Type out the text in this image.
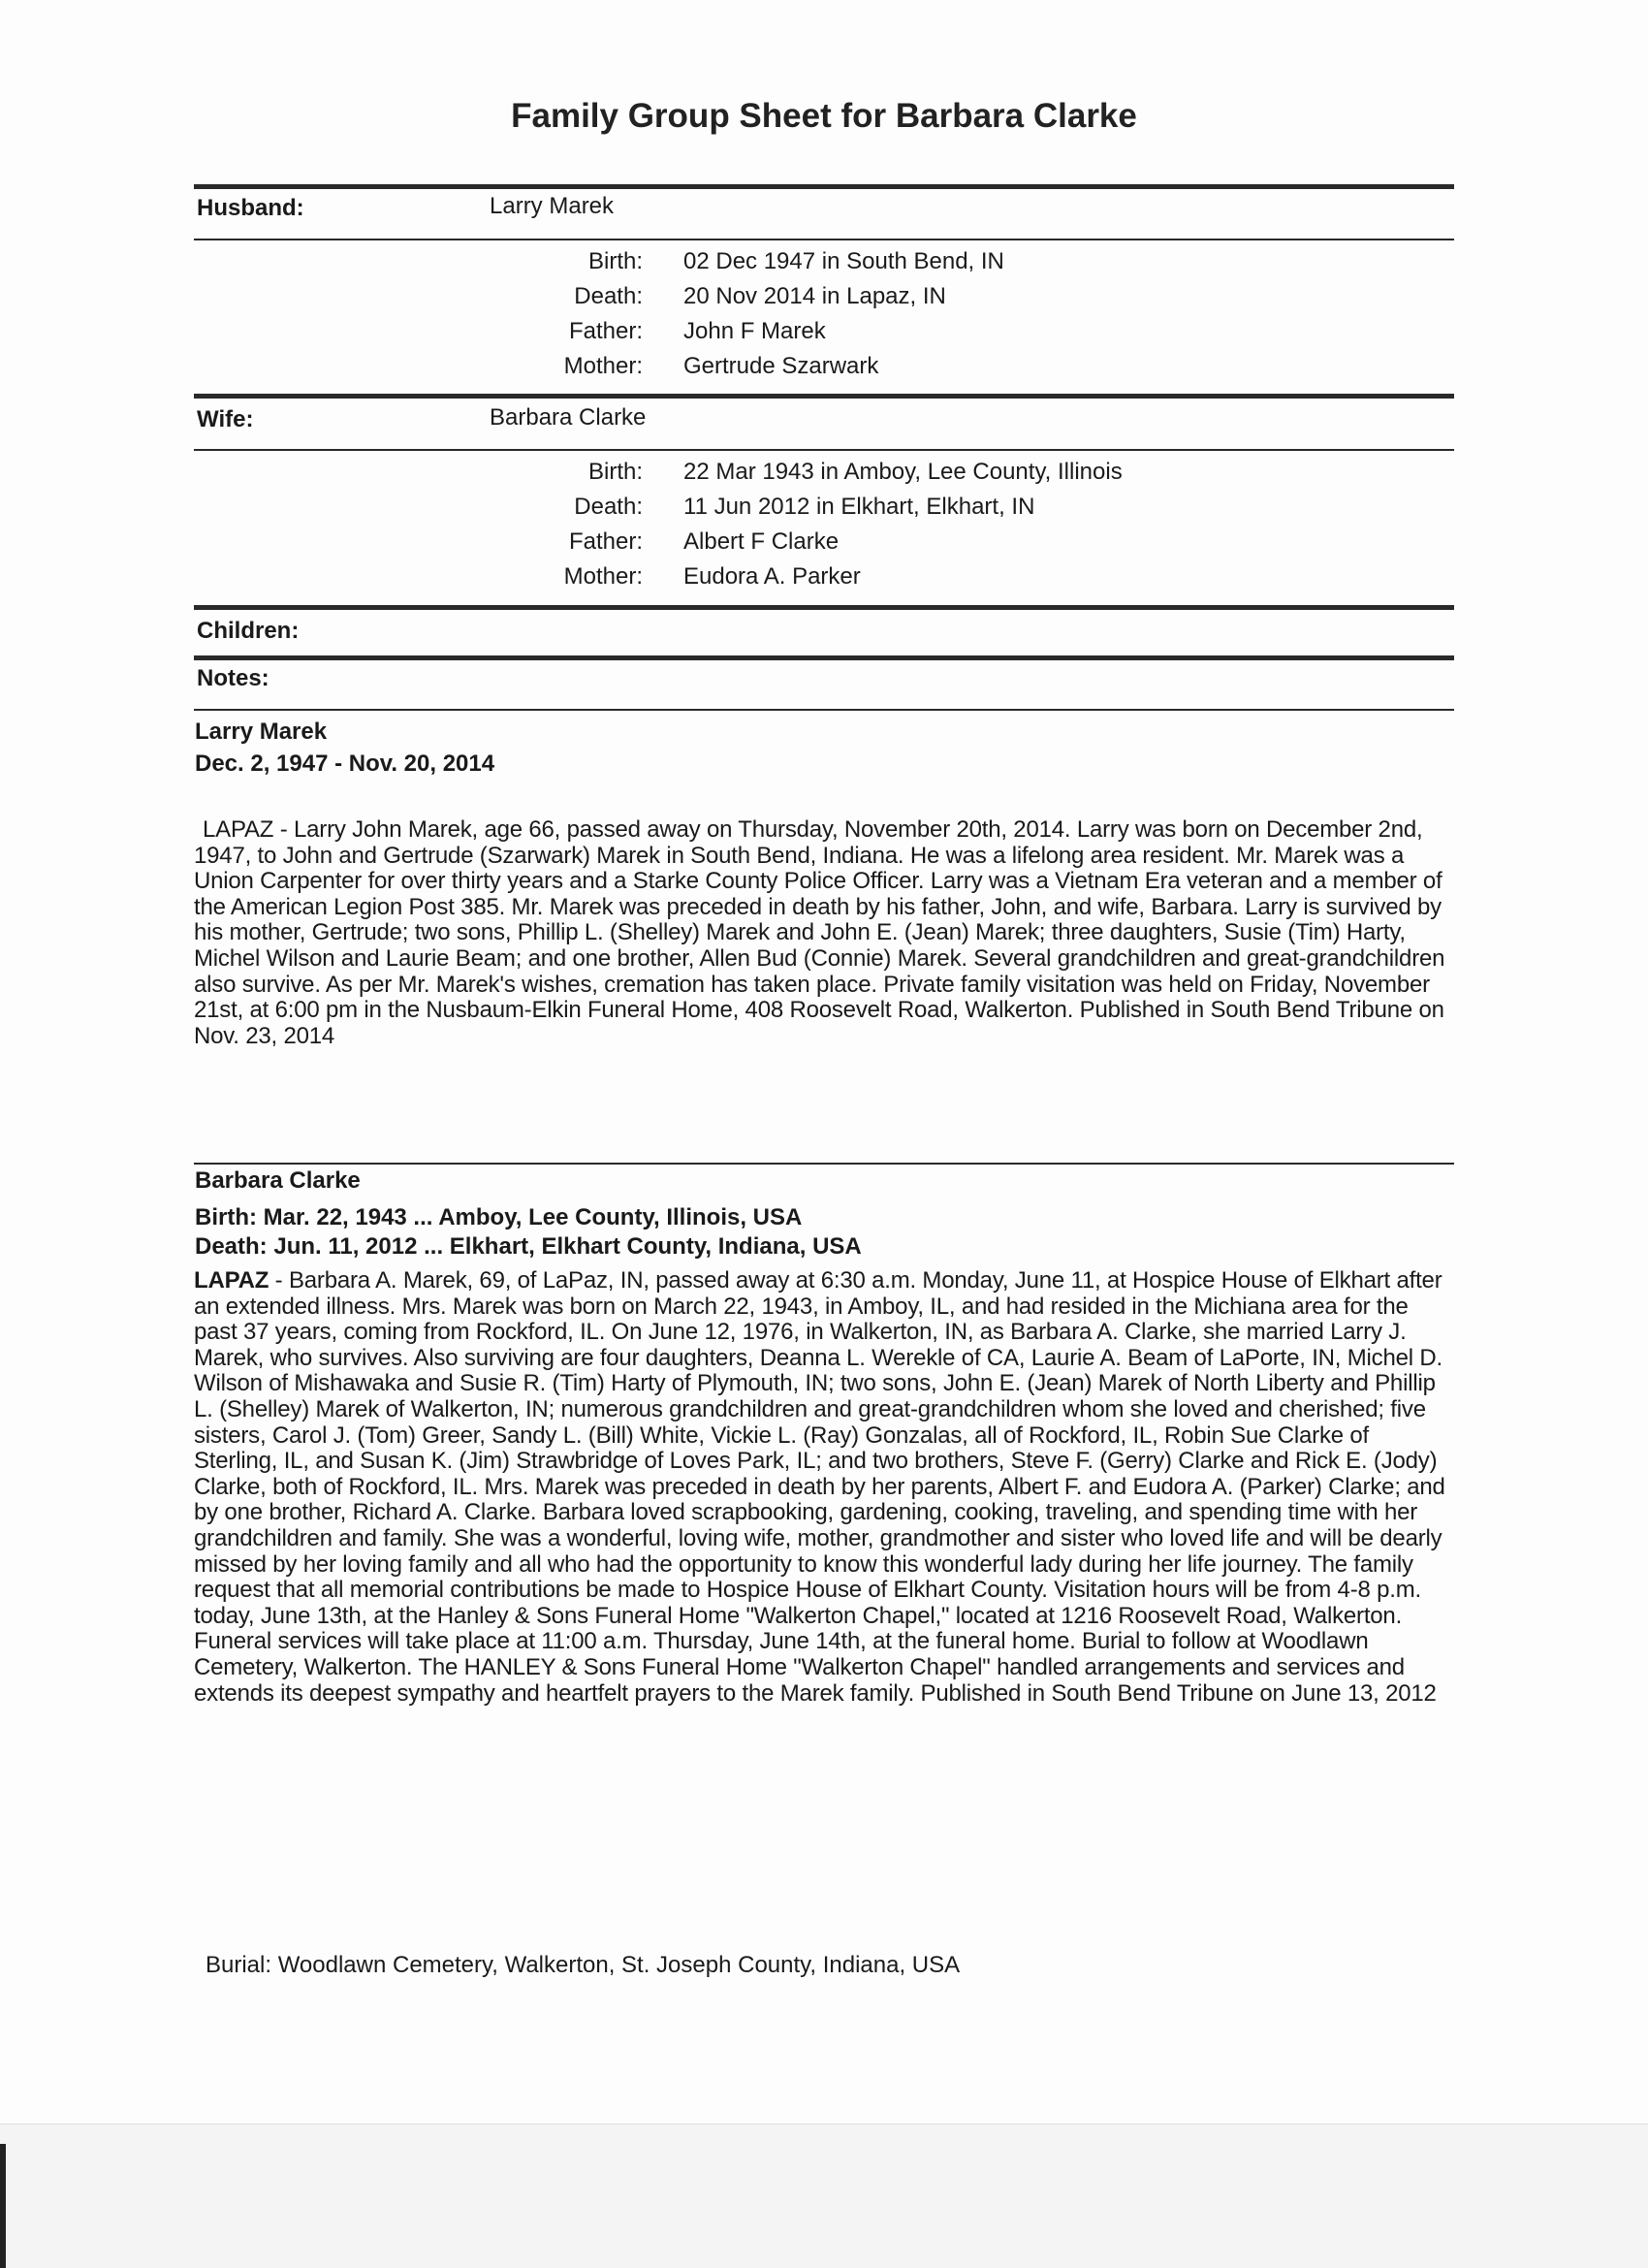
Family Group Sheet for Barbara Clarke
Husband:	Larry Marek
Birth: 02 Dec 1947 in South Bend, IN
Death: 20 Nov 2014 in Lapaz, IN
Father: John F Marek
Mother: Gertrude Szarwark
Wife:	Barbara Clarke
Birth: 22 Mar 1943 in Amboy, Lee County, Illinois
Death: 11 Jun 2012 in Elkhart, Elkhart, IN
Father: Albert F Clarke
Mother: Eudora A. Parker
Children:
Notes:
Larry Marek
Dec. 2, 1947 - Nov. 20, 2014

LAPAZ - Larry John Marek, age 66, passed away on Thursday, November 20th, 2014. Larry was born on December 2nd, 1947, to John and Gertrude (Szarwark) Marek in South Bend, Indiana. He was a lifelong area resident. Mr. Marek was a Union Carpenter for over thirty years and a Starke County Police Officer. Larry was a Vietnam Era veteran and a member of the American Legion Post 385. Mr. Marek was preceded in death by his father, John, and wife, Barbara. Larry is survived by his mother, Gertrude; two sons, Phillip L. (Shelley) Marek and John E. (Jean) Marek; three daughters, Susie (Tim) Harty, Michel Wilson and Laurie Beam; and one brother, Allen Bud (Connie) Marek. Several grandchildren and great-grandchildren also survive. As per Mr. Marek's wishes, cremation has taken place. Private family visitation was held on Friday, November 21st, at 6:00 pm in the Nusbaum-Elkin Funeral Home, 408 Roosevelt Road, Walkerton. Published in South Bend Tribune on Nov. 23, 2014

Barbara Clarke
Birth: Mar. 22, 1943 ... Amboy, Lee County, Illinois, USA
Death: Jun. 11, 2012 ... Elkhart, Elkhart County, Indiana, USA

LAPAZ - Barbara A. Marek, 69, of LaPaz, IN, passed away at 6:30 a.m. Monday, June 11, at Hospice House of Elkhart after an extended illness. Mrs. Marek was born on March 22, 1943, in Amboy, IL, and had resided in the Michiana area for the past 37 years, coming from Rockford, IL. On June 12, 1976, in Walkerton, IN, as Barbara A. Clarke, she married Larry J. Marek, who survives. Also surviving are four daughters, Deanna L. Werekle of CA, Laurie A. Beam of LaPorte, IN, Michel D. Wilson of Mishawaka and Susie R. (Tim) Harty of Plymouth, IN; two sons, John E. (Jean) Marek of North Liberty and Phillip L. (Shelley) Marek of Walkerton, IN; numerous grandchildren and great-grandchildren whom she loved and cherished; five sisters, Carol J. (Tom) Greer, Sandy L. (Bill) White, Vickie L. (Ray) Gonzalas, all of Rockford, IL, Robin Sue Clarke of Sterling, IL, and Susan K. (Jim) Strawbridge of Loves Park, IL; and two brothers, Steve F. (Gerry) Clarke and Rick E. (Jody) Clarke, both of Rockford, IL. Mrs. Marek was preceded in death by her parents, Albert F. and Eudora A. (Parker) Clarke; and by one brother, Richard A. Clarke. Barbara loved scrapbooking, gardening, cooking, traveling, and spending time with her grandchildren and family. She was a wonderful, loving wife, mother, grandmother and sister who loved life and will be dearly missed by her loving family and all who had the opportunity to know this wonderful lady during her life journey. The family request that all memorial contributions be made to Hospice House of Elkhart County. Visitation hours will be from 4-8 p.m. today, June 13th, at the Hanley & Sons Funeral Home "Walkerton Chapel," located at 1216 Roosevelt Road, Walkerton. Funeral services will take place at 11:00 a.m. Thursday, June 14th, at the funeral home. Burial to follow at Woodlawn Cemetery, Walkerton. The HANLEY & Sons Funeral Home "Walkerton Chapel" handled arrangements and services and extends its deepest sympathy and heartfelt prayers to the Marek family. Published in South Bend Tribune on June 13, 2012

Burial: Woodlawn Cemetery, Walkerton, St. Joseph County, Indiana, USA
